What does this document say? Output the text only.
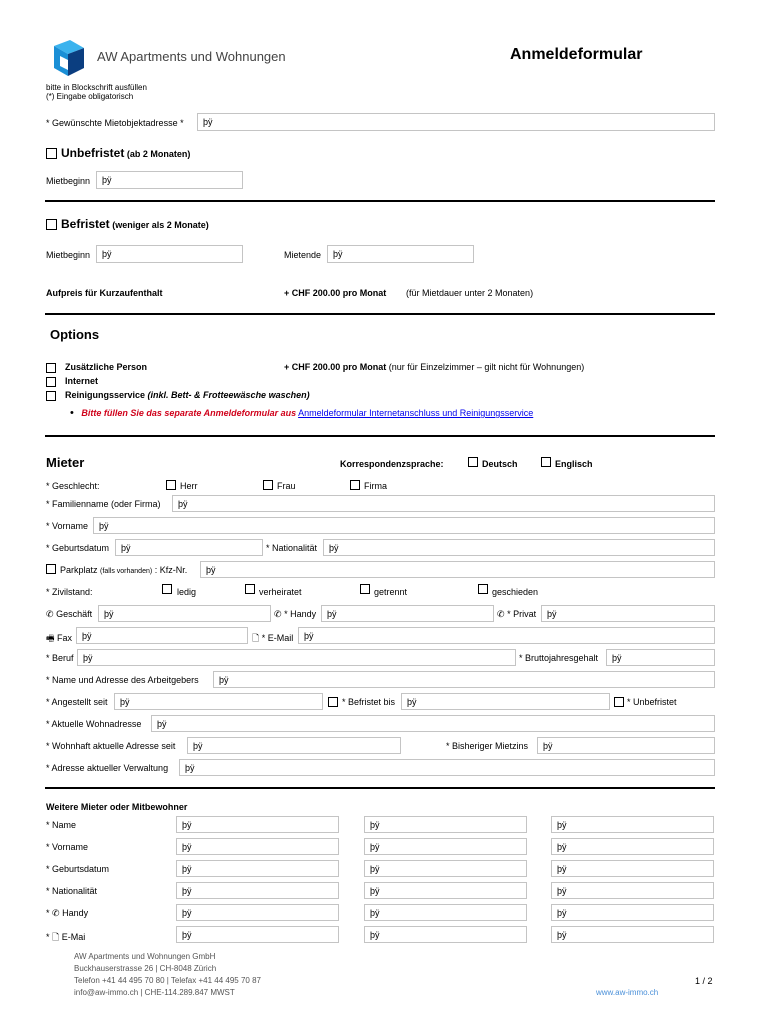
AW Apartments und Wohnungen	Anmeldeformular
bitte in Blockschrift ausfüllen
(*) Eingabe obligatorisch
* Gewünschte Mietobjektadresse *	þÿ
Unbefristet (ab 2 Monaten)
Mietbeginn	þÿ
Befristet (weniger als 2 Monate)
Mietbeginn	þÿ	Mietende	þÿ
Aufpreis für Kurzaufenthalt	+ CHF 200.00 pro Monat (für Mietdauer unter 2 Monaten)
Options
Zusätzliche Person	+ CHF 200.00 pro Monat (nur für Einzelzimmer – gilt nicht für Wohnungen)
Internet
Reinigungsservice (inkl. Bett- & Frotteewäsche waschen)
• Bitte füllen Sie das separate Anmeldeformular aus Anmeldeformular Internetanschluss und Reinigungsservice
Mieter	Korrespondenzsprache:	Deutsch	Englisch
* Geschlecht:	Herr	Frau	Firma
* Familienname (oder Firma)	þÿ
* Vorname	þÿ
* Geburtsdatum	þÿ	* Nationalität	þÿ
Parkplatz (falls vorhanden) : Kfz-Nr.	þÿ
* Zivilstand:	ledig	verheiratet	getrennt	geschieden
✆ Geschäft	þÿ	✆ * Handy	þÿ	✆ * Privat	þÿ
🖷 Fax	þÿ	🗋 * E-Mail	þÿ
* Beruf	þÿ	* Bruttojahresgehalt	þÿ
* Name und Adresse des Arbeitgebers	þÿ
* Angestellt seit	þÿ	* Befristet bis	þÿ	* Unbefristet
* Aktuelle Wohnadresse	þÿ
* Wohnhaft aktuelle Adresse seit	þÿ	* Bisheriger Mietzins	þÿ
* Adresse aktueller Verwaltung	þÿ
Weitere Mieter oder Mitbewohner
* Name	þÿ	þÿ	þÿ
* Vorname	þÿ	þÿ	þÿ
* Geburtsdatum	þÿ	þÿ	þÿ
* Nationalität	þÿ	þÿ	þÿ
* ✆ Handy	þÿ	þÿ	þÿ
* 🗋 E-Mai	þÿ	þÿ	þÿ
AW Apartments und Wohnungen GmbH
Buckhauserstrasse 26 | CH-8048 Zürich
Telefon +41 44 495 70 80 | Telefax +41 44 495 70 87
info@aw-immo.ch | CHE-114.289.847 MWST
1 / 2
www.aw-immo.ch
